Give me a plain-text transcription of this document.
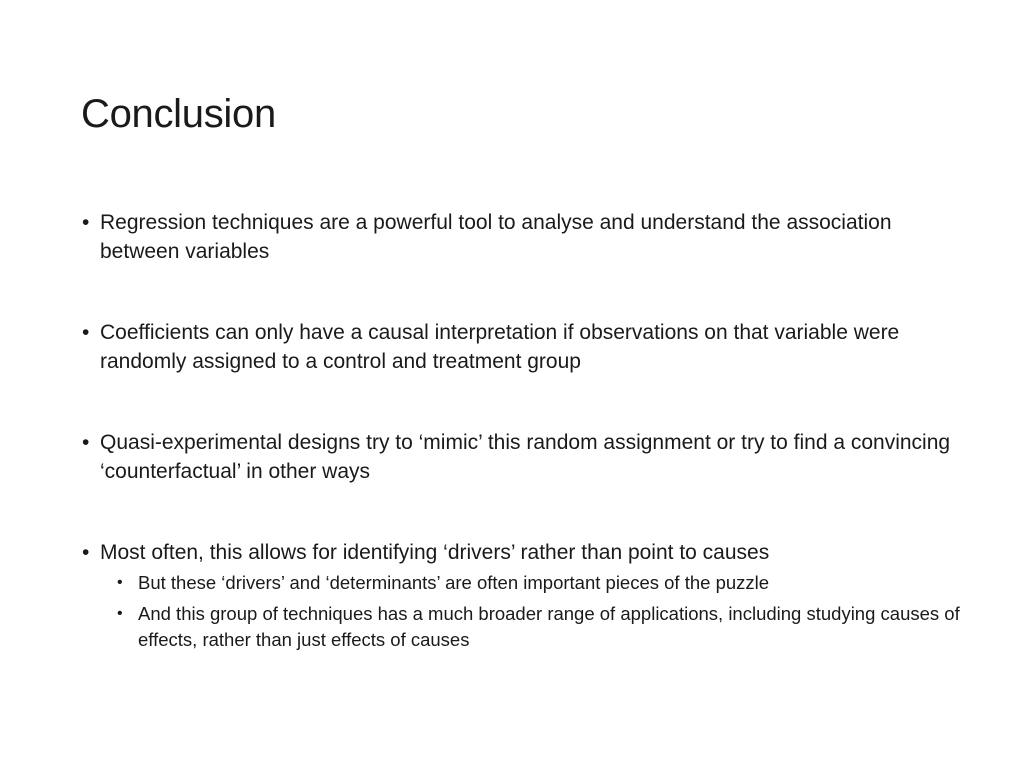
Conclusion
• Regression techniques are a powerful tool to analyse and understand the association between variables
• Coefficients can only have a causal interpretation if observations on that variable were randomly assigned to a control and treatment group
• Quasi-experimental designs try to ‘mimic’ this random assignment or try to find a convincing ‘counterfactual’ in other ways
• Most often, this allows for identifying ‘drivers’ rather than point to causes
• But these ‘drivers’ and ‘determinants’ are often important pieces of the puzzle
• And this group of techniques has a much broader range of applications, including studying causes of effects, rather than just effects of causes
